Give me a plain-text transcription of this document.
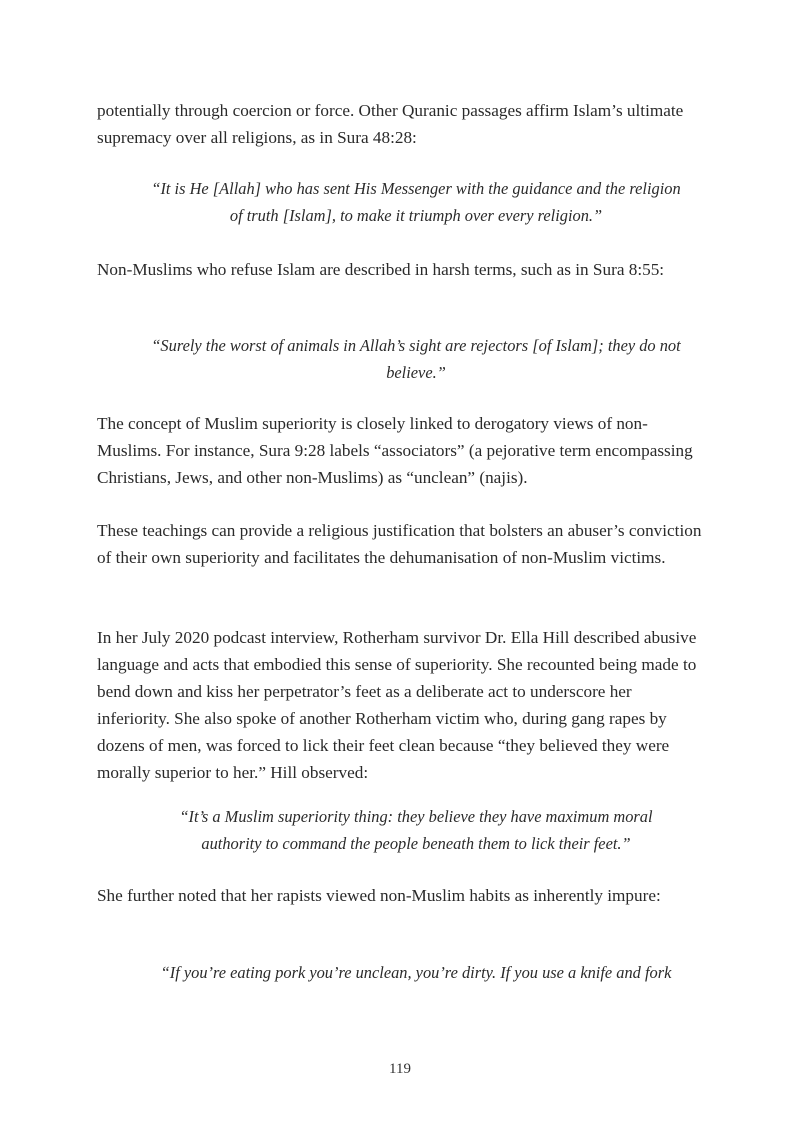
potentially through coercion or force. Other Quranic passages affirm Islam’s ultimate supremacy over all religions, as in Sura 48:28:

“It is He [Allah] who has sent His Messenger with the guidance and the religion of truth [Islam], to make it triumph over every religion.”

Non-Muslims who refuse Islam are described in harsh terms, such as in Sura 8:55:

“Surely the worst of animals in Allah’s sight are rejectors [of Islam]; they do not believe.”

The concept of Muslim superiority is closely linked to derogatory views of non-Muslims. For instance, Sura 9:28 labels “associators” (a pejorative term encompassing Christians, Jews, and other non-Muslims) as “unclean” (najis).

These teachings can provide a religious justification that bolsters an abuser’s conviction of their own superiority and facilitates the dehumanisation of non-Muslim victims.

In her July 2020 podcast interview, Rotherham survivor Dr. Ella Hill described abusive language and acts that embodied this sense of superiority. She recounted being made to bend down and kiss her perpetrator’s feet as a deliberate act to underscore her inferiority. She also spoke of another Rotherham victim who, during gang rapes by dozens of men, was forced to lick their feet clean because “they believed they were morally superior to her.” Hill observed:

“It’s a Muslim superiority thing: they believe they have maximum moral authority to command the people beneath them to lick their feet.”

She further noted that her rapists viewed non-Muslim habits as inherently impure:

“If you’re eating pork you’re unclean, you’re dirty. If you use a knife and fork

119
